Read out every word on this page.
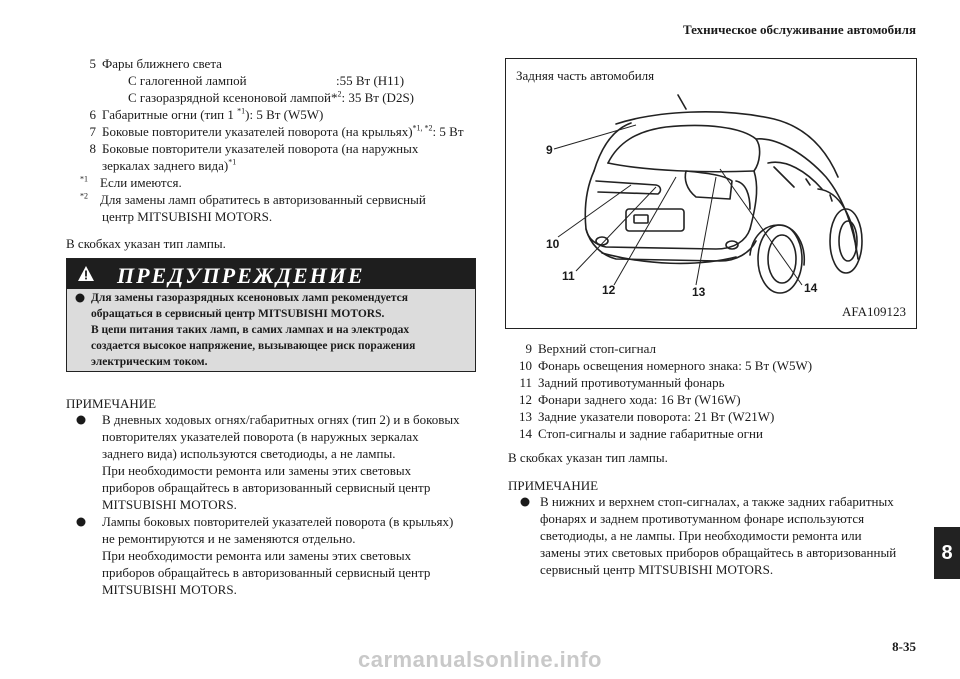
Техническое обслуживание автомобиля
5 Фары ближнего света
С галогенной лампой	:55 Вт (H11)
С газоразрядной ксеноновой лампой*$^2$: 35 Вт (D2S)
6 Габаритные огни (тип 1 $^{*1}$): 5 Вт (W5W)
7 Боковые повторители указателей поворота (на крыльях)$^{*1, *2}$: 5 Вт
8 Боковые повторители указателей поворота (на наружных
зеркалах заднего вида)$^{*1}$
$^{*1}$ Если имеются.
$^{*2}$ Для замены ламп обратитесь в авторизованный сервисный
центр MITSUBISHI MOTORS.
В скобках указан тип лампы.
ПРЕДУПРЕЖДЕНИЕ
Для замены газоразрядных ксеноновых ламп рекомендуется
обращаться в сервисный центр MITSUBISHI MOTORS.
В цепи питания таких ламп, в самих лампах и на электродах
создается высокое напряжение, вызывающее риск поражения
электрическим током.
ПРИМЕЧАНИЕ
В дневных ходовых огнях/габаритных огнях (тип 2) и в боковых
повторителях указателей поворота (в наружных зеркалах
заднего вида) используются светодиоды, а не лампы.
При необходимости ремонта или замены этих световых
приборов обращайтесь в авторизованный сервисный центр
MITSUBISHI MOTORS.
Лампы боковых повторителей указателей поворота (в крыльях)
не ремонтируются и не заменяются отдельно.
При необходимости ремонта или замены этих световых
приборов обращайтесь в авторизованный сервисный центр
MITSUBISHI MOTORS.
Задняя часть автомобиля
9
10
11
12	13	14
AFA109123
9 Верхний стоп-сигнал
10 Фонарь освещения номерного знака: 5 Вт (W5W)
11 Задний противотуманный фонарь
12 Фонари заднего хода: 16 Вт (W16W)
13 Задние указатели поворота: 21 Вт (W21W)
14 Стоп-сигналы и задние габаритные огни
В скобках указан тип лампы.
ПРИМЕЧАНИЕ
В нижних и верхнем стоп-сигналах, а также задних габаритных
фонарях и заднем противотуманном фонаре используются
светодиоды, а не лампы. При необходимости ремонта или
замены этих световых приборов обращайтесь в авторизованный
сервисный центр MITSUBISHI MOTORS.
8
8-35
carmanualsonline.info
